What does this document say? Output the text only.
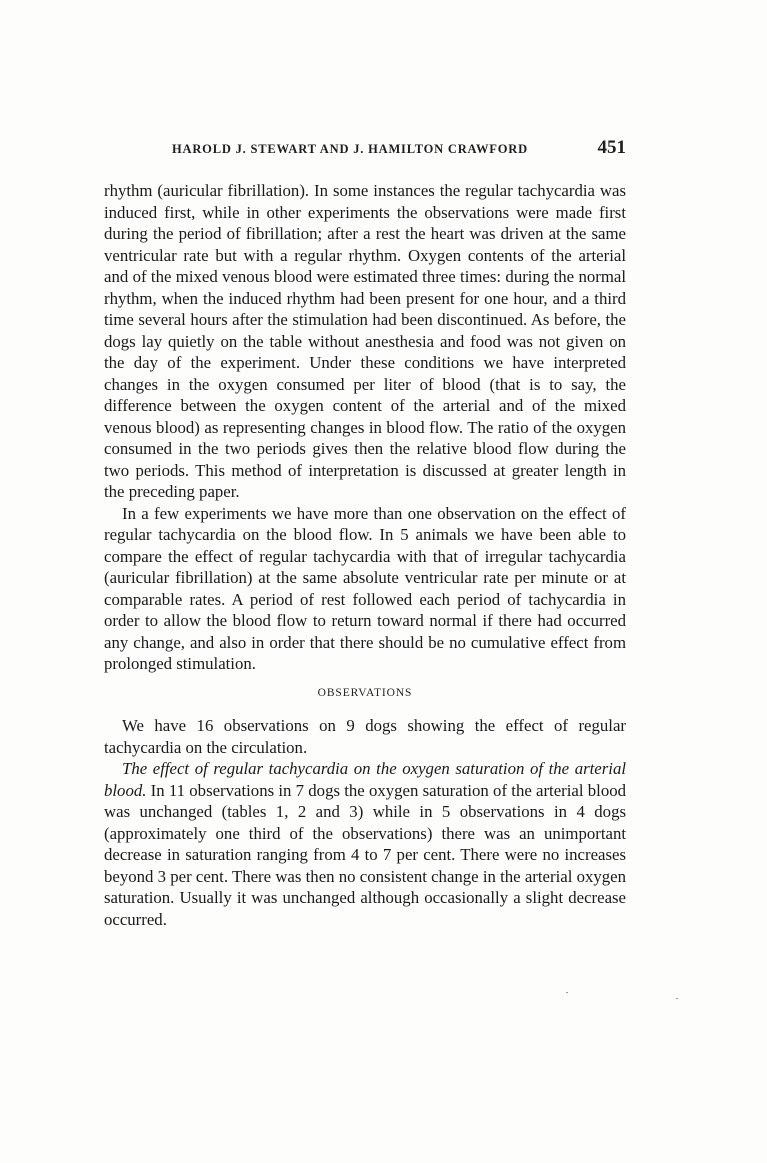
HAROLD J. STEWART AND J. HAMILTON CRAWFORD	451

rhythm (auricular fibrillation). In some instances the regular tachycardia was induced first, while in other experiments the observations were made first during the period of fibrillation; after a rest the heart was driven at the same ventricular rate but with a regular rhythm. Oxygen contents of the arterial and of the mixed venous blood were estimated three times: during the normal rhythm, when the induced rhythm had been present for one hour, and a third time several hours after the stimulation had been discontinued. As before, the dogs lay quietly on the table without anesthesia and food was not given on the day of the experiment. Under these conditions we have interpreted changes in the oxygen consumed per liter of blood (that is to say, the difference between the oxygen content of the arterial and of the mixed venous blood) as representing changes in blood flow. The ratio of the oxygen consumed in the two periods gives then the relative blood flow during the two periods. This method of interpretation is discussed at greater length in the preceding paper.

In a few experiments we have more than one observation on the effect of regular tachycardia on the blood flow. In 5 animals we have been able to compare the effect of regular tachycardia with that of irregular tachycardia (auricular fibrillation) at the same absolute ventricular rate per minute or at comparable rates. A period of rest followed each period of tachycardia in order to allow the blood flow to return toward normal if there had occurred any change, and also in order that there should be no cumulative effect from prolonged stimulation.

OBSERVATIONS

We have 16 observations on 9 dogs showing the effect of regular tachycardia on the circulation.

The effect of regular tachycardia on the oxygen saturation of the arterial blood. In 11 observations in 7 dogs the oxygen saturation of the arterial blood was unchanged (tables 1, 2 and 3) while in 5 observations in 4 dogs (approximately one third of the observations) there was an unimportant decrease in saturation ranging from 4 to 7 per cent. There were no increases beyond 3 per cent. There was then no consistent change in the arterial oxygen saturation. Usually it was unchanged although occasionally a slight decrease occurred.
